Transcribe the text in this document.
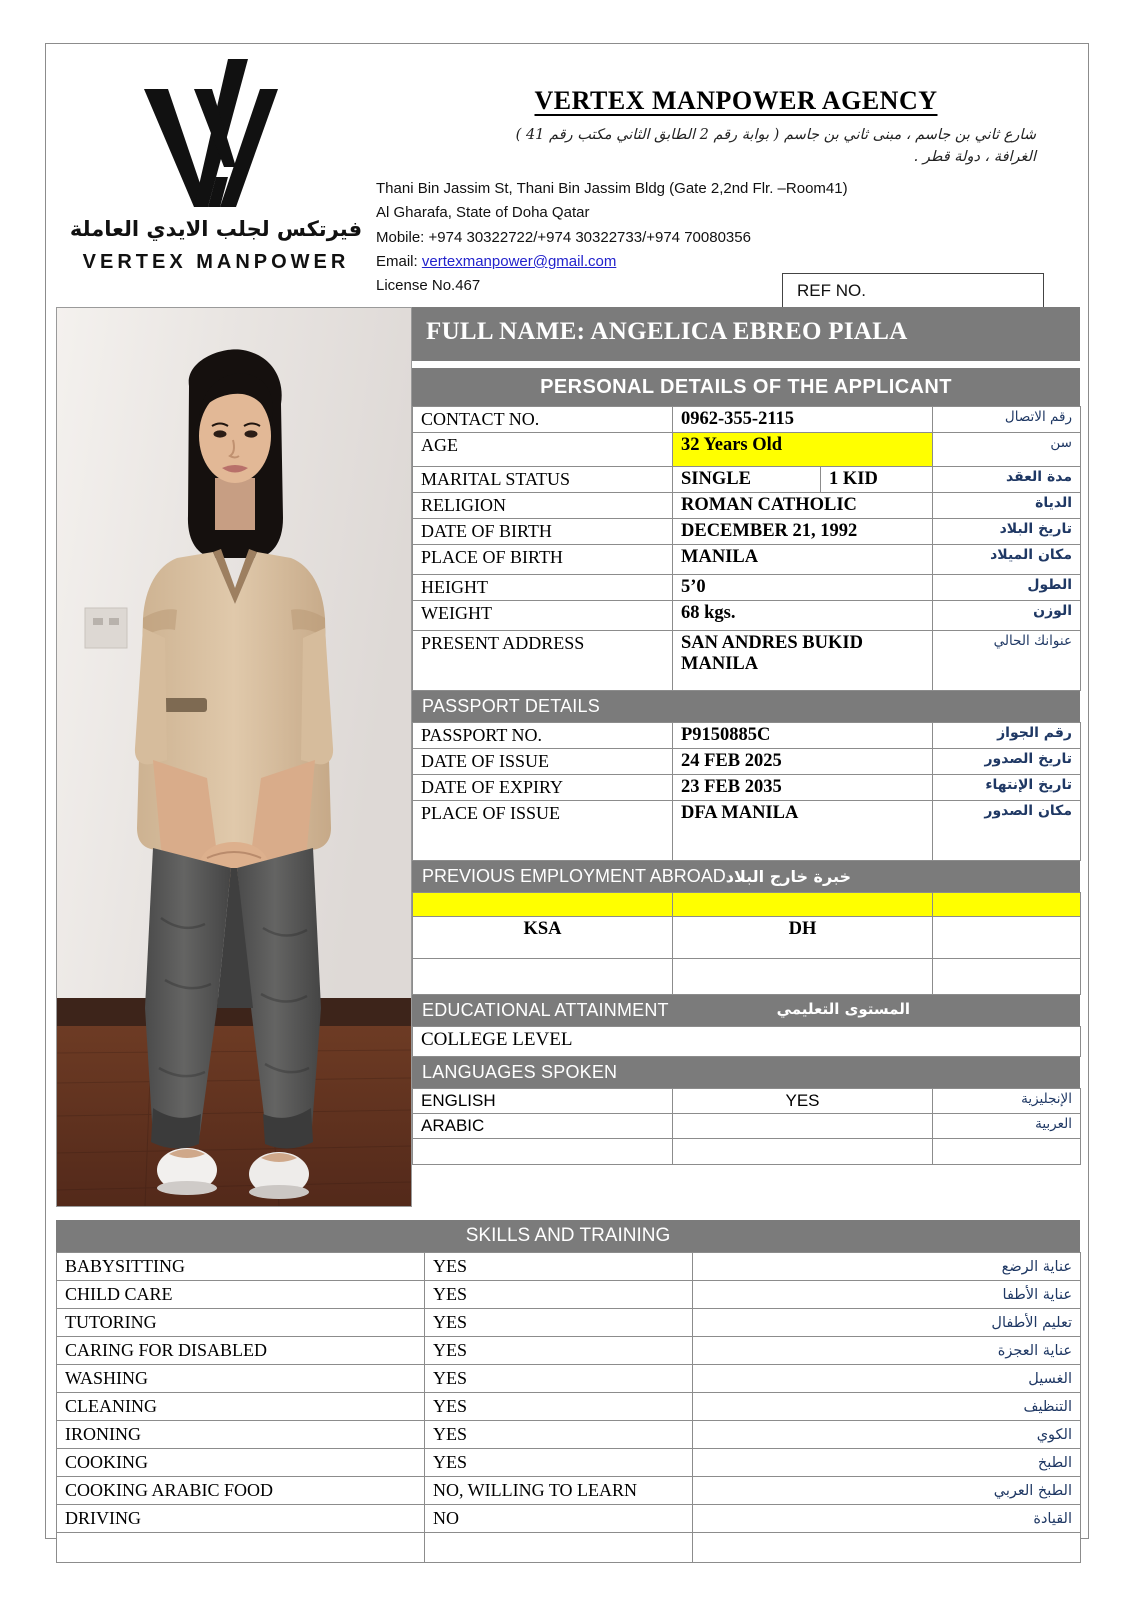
فيرتكس لجلب الايدي العاملة
VERTEX MANPOWER
VERTEX MANPOWER AGENCY
شارع ثاني بن جاسم ، مبنى ثاني بن جاسم ( بوابة رقم 2 الطابق الثاني مكتب رقم 41 )
الغرافة ، دولة قطر .
Thani Bin Jassim St, Thani Bin Jassim Bldg (Gate 2,2nd Flr. –Room41)
Al Gharafa, State of Doha Qatar
Mobile: +974 30322722/+974 30322733/+974 70080356
Email: vertexmanpower@gmail.com
License No.467	REF NO.
FULL NAME: ANGELICA EBREO PIALA
PERSONAL DETAILS OF THE APPLICANT
CONTACT NO.	0962-355-2115		رقم الاتصال
AGE	32 Years Old		سن
MARITAL STATUS	SINGLE	1 KID	مدة العقد
RELIGION	ROMAN CATHOLIC		الدياة
DATE OF BIRTH	DECEMBER 21, 1992		تاريخ البلاد
PLACE OF BIRTH	MANILA		مكان الميلاد
HEIGHT	5’0		الطول
WEIGHT	68 kgs.		الوزن
PRESENT ADDRESS	SAN ANDRES BUKID MANILA		عنوانك الحالي
PASSPORT DETAILS
PASSPORT NO.	P9150885C	رقم الجواز
DATE OF ISSUE	24 FEB 2025	تاريخ الصدور
DATE OF EXPIRY	23 FEB 2035	تاريخ الإنتهاء
PLACE OF ISSUE	DFA MANILA	مكان الصدور
PREVIOUS EMPLOYMENT ABROADخبرة خارج البلاد

KSA	DH	

EDUCATIONAL ATTAINMENT	المستوى التعليمي
COLLEGE LEVEL
LANGUAGES SPOKEN
ENGLISH	YES	الإنجليزية
ARABIC		العربية

SKILLS AND TRAINING
BABYSITTING	YES	عناية الرضع
CHILD CARE	YES	عناية الأطفا
TUTORING	YES	تعليم الأطفال
CARING FOR DISABLED	YES	عناية العجزة
WASHING	YES	الغسيل
CLEANING	YES	التنظيف
IRONING	YES	الكوي
COOKING	YES	الطبخ
COOKING ARABIC FOOD	NO, WILLING TO LEARN	الطبخ العربي
DRIVING	NO	القيادة
